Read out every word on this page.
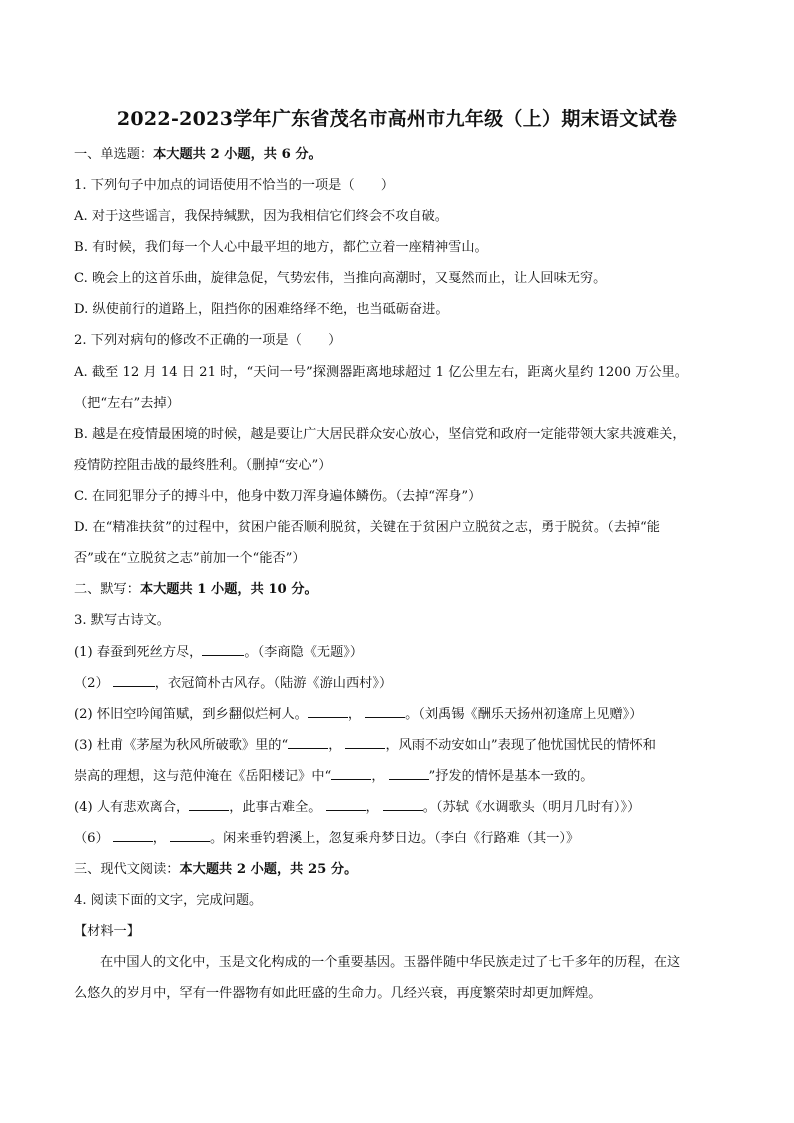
2022-2023学年广东省茂名市高州市九年级（上）期末语文试卷
一、单选题：本大题共 2 小题，共 6 分。
1. 下列句子中加点的词语使用不恰当的一项是（　　）
A. 对于这些谣言，我保持缄默，因为我相信它们终会不攻自破。
B. 有时候，我们每一个人心中最平坦的地方，都伫立着一座精神雪山。
C. 晚会上的这首乐曲，旋律急促，气势宏伟，当推向高潮时，又戛然而止，让人回味无穷。
D. 纵使前行的道路上，阻挡你的困难络绎不绝，也当砥砺奋进。
2. 下列对病句的修改不正确的一项是（　　）
A. 截至 12 月 14 日 21 时，“天问一号”探测器距离地球超过 1 亿公里左右，距离火星约 1200 万公里。
（把“左右”去掉）
B. 越是在疫情最困境的时候，越是要让广大居民群众安心放心，坚信党和政府一定能带领大家共渡难关，
疫情防控阻击战的最终胜利。（删掉“安心”）
C. 在同犯罪分子的搏斗中，他身中数刀浑身遍体鳞伤。（去掉“浑身”）
D. 在“精准扶贫”的过程中，贫困户能否顺利脱贫，关键在于贫困户立脱贫之志，勇于脱贫。（去掉“能
否”或在“立脱贫之志”前加一个“能否”）
二、默写：本大题共 1 小题，共 10 分。
3. 默写古诗文。
(1) 春蚕到死丝方尽，	。（李商隐《无题》）
（2）	，衣冠简朴古风存。（陆游《游山西村》）
(2) 怀旧空吟闻笛赋，到乡翻似烂柯人。	，	。（刘禹锡《酬乐天扬州初逢席上见赠》）
(3) 杜甫《茅屋为秋风所破歌》里的“	，	，风雨不动安如山”表现了他忧国忧民的情怀和
崇高的理想，这与范仲淹在《岳阳楼记》中“	，	”抒发的情怀是基本一致的。
(4) 人有悲欢离合，	，此事古难全。	，	。（苏轼《水调歌头（明月几时有）》）
（6）	，	。闲来垂钓碧溪上，忽复乘舟梦日边。（李白《行路难（其一）》
三、现代文阅读：本大题共 2 小题，共 25 分。
4. 阅读下面的文字，完成问题。
【材料一】
在中国人的文化中，玉是文化构成的一个重要基因。玉器伴随中华民族走过了七千多年的历程，在这
么悠久的岁月中，罕有一件器物有如此旺盛的生命力。几经兴衰，再度繁荣时却更加辉煌。
